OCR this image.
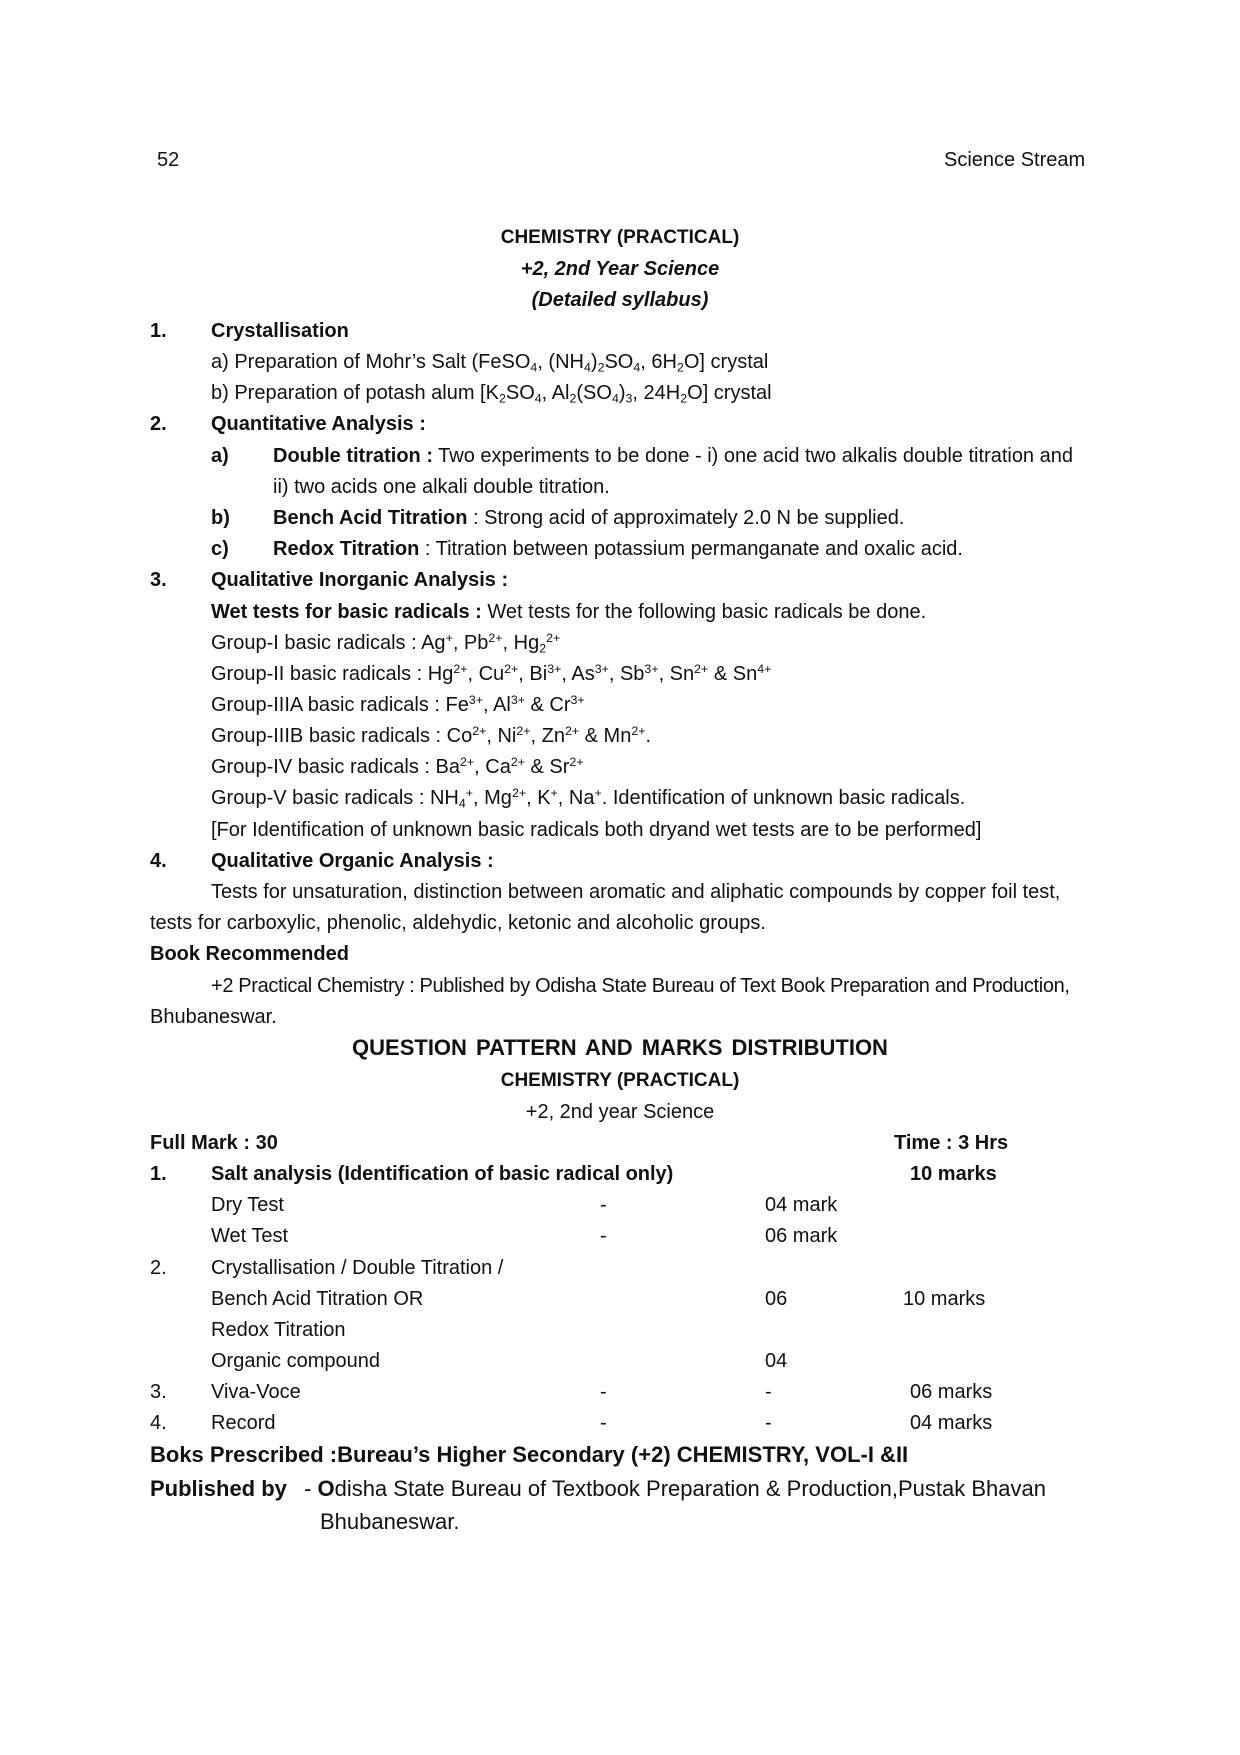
52	Science Stream
CHEMISTRY (PRACTICAL)
+2, 2nd Year Science
(Detailed syllabus)
1. Crystallisation
a) Preparation of Mohr’s Salt (FeSO$_4$, $(NH_4)_2SO_4$, $6H_2O$] crystal
b) Preparation of potash alum [$K_2SO_4$, $Al_2(SO_4)_3$, $24H_2O$] crystal
2. Quantitative Analysis :
a) Double titration : Two experiments to be done - i) one acid two alkalis double titration and
ii) two acids one alkali double titration.
b) Bench Acid Titration : Strong acid of approximately 2.0 N be supplied.
c) Redox Titration : Titration between potassium permanganate and oxalic acid.
3. Qualitative Inorganic Analysis :
Wet tests for basic radicals : Wet tests for the following basic radicals be done.
Group-I basic radicals : Ag+, $Pb^{2+}$, $Hg_2^{2+}$
Group-II basic radicals : $Hg^{2+}$, $Cu^{2+}$, $Bi^{3+}$, $As^{3+}$, $Sb^{3+}$, $Sn^{2+}$ & $Sn^{4+}$
Group-IIIA basic radicals : $Fe^{3+}$, $Al^{3+}$ & $Cr^{3+}$
Group-IIIB basic radicals : $Co^{2+}$, $Ni^{2+}$, $Zn^{2+}$ & $Mn^{2+}$.
Group-IV basic radicals : $Ba^{2+}$, $Ca^{2+}$ & $Sr^{2+}$
Group-V basic radicals : $NH_4^+$, $Mg^{2+}$, K+, Na+. Identification of unknown basic radicals.
[For Identification of unknown basic radicals both dryand wet tests are to be performed]
4. Qualitative Organic Analysis :
Tests for unsaturation, distinction between aromatic and aliphatic compounds by copper foil test,
tests for carboxylic, phenolic, aldehydic, ketonic and alcoholic groups.
Book Recommended
+2 Practical Chemistry : Published by Odisha State Bureau of Text Book Preparation and Production,
Bhubaneswar.
QUESTION PATTERN AND MARKS DISTRIBUTION
CHEMISTRY (PRACTICAL)
+2, 2nd year Science
Full Mark : 30	Time : 3 Hrs
1. Salt analysis (Identification of basic radical only)	10 marks
Dry Test	-	04 mark
Wet Test	-	06 mark
2. Crystallisation / Double Titration /
Bench Acid Titration OR	06	10 marks
Redox Titration
Organic compound	04
3. Viva-Voce	-	-	06 marks
4. Record	-	-	04 marks
Boks Prescribed :Bureau’s Higher Secondary (+2) CHEMISTRY, VOL-I &II
Published by - Odisha State Bureau of Textbook Preparation & Production,Pustak Bhavan
Bhubaneswar.
